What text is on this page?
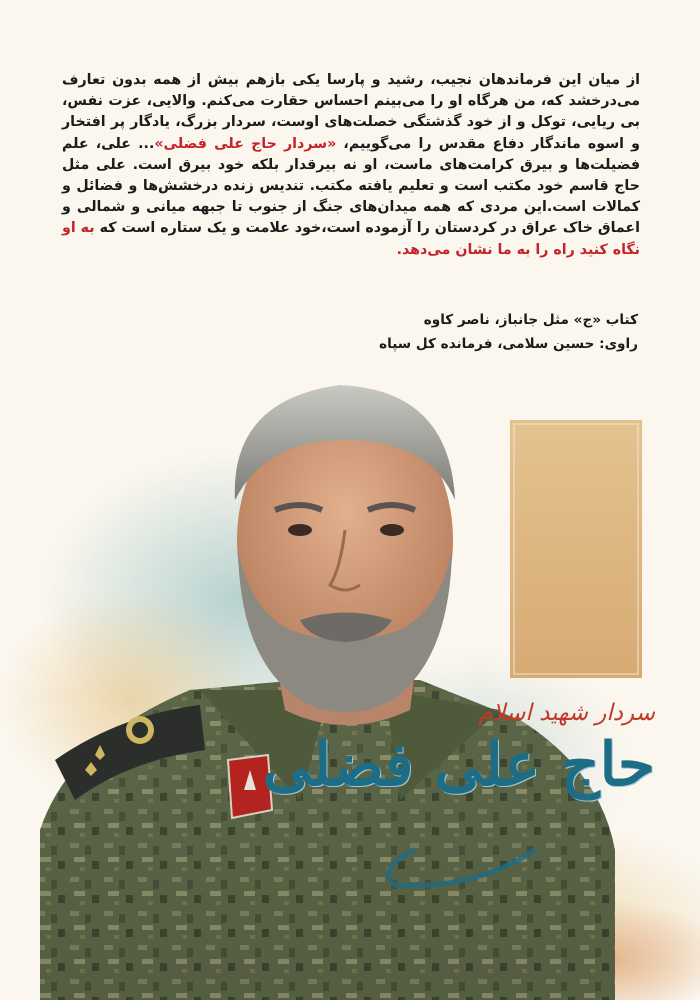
از میان این فرماندهان نجیب، رشید و پارسا یکی بازهم بیش از همه بدون تعارف می‌درخشد که، من هرگاه او را می‌بینم احساس حقارت می‌کنم. والایی، عزت نفس، بی ریایی، توکل و از خود گذشتگی خصلت‌های اوست، سردار بزرگ، یادگار پر افتخار و اسوه ماندگار دفاع مقدس را می‌گوییم، «سردار حاج علی فضلی»... علی، علم فضیلت‌ها و بیرق کرامت‌های ماست، او نه بیرقدار بلکه خود بیرق است. علی مثل حاج قاسم خود مکتب است و تعلیم یافته مکتب. تندیس زنده درخشش‌ها و فضائل و کمالات است.این مردی که همه میدان‌های جنگ از جنوب تا جبهه میانی و شمالی و اعماق خاک عراق در کردستان را آزموده است،خود علامت و یک ستاره است که به او نگاه کنید راه را به ما نشان می‌دهد.

کتاب «ج» مثل جانباز، ناصر کاوه
راوی: حسین سلامی، فرمانده کل سپاه
سردار شهید اسلام
حاج علی فضلی
